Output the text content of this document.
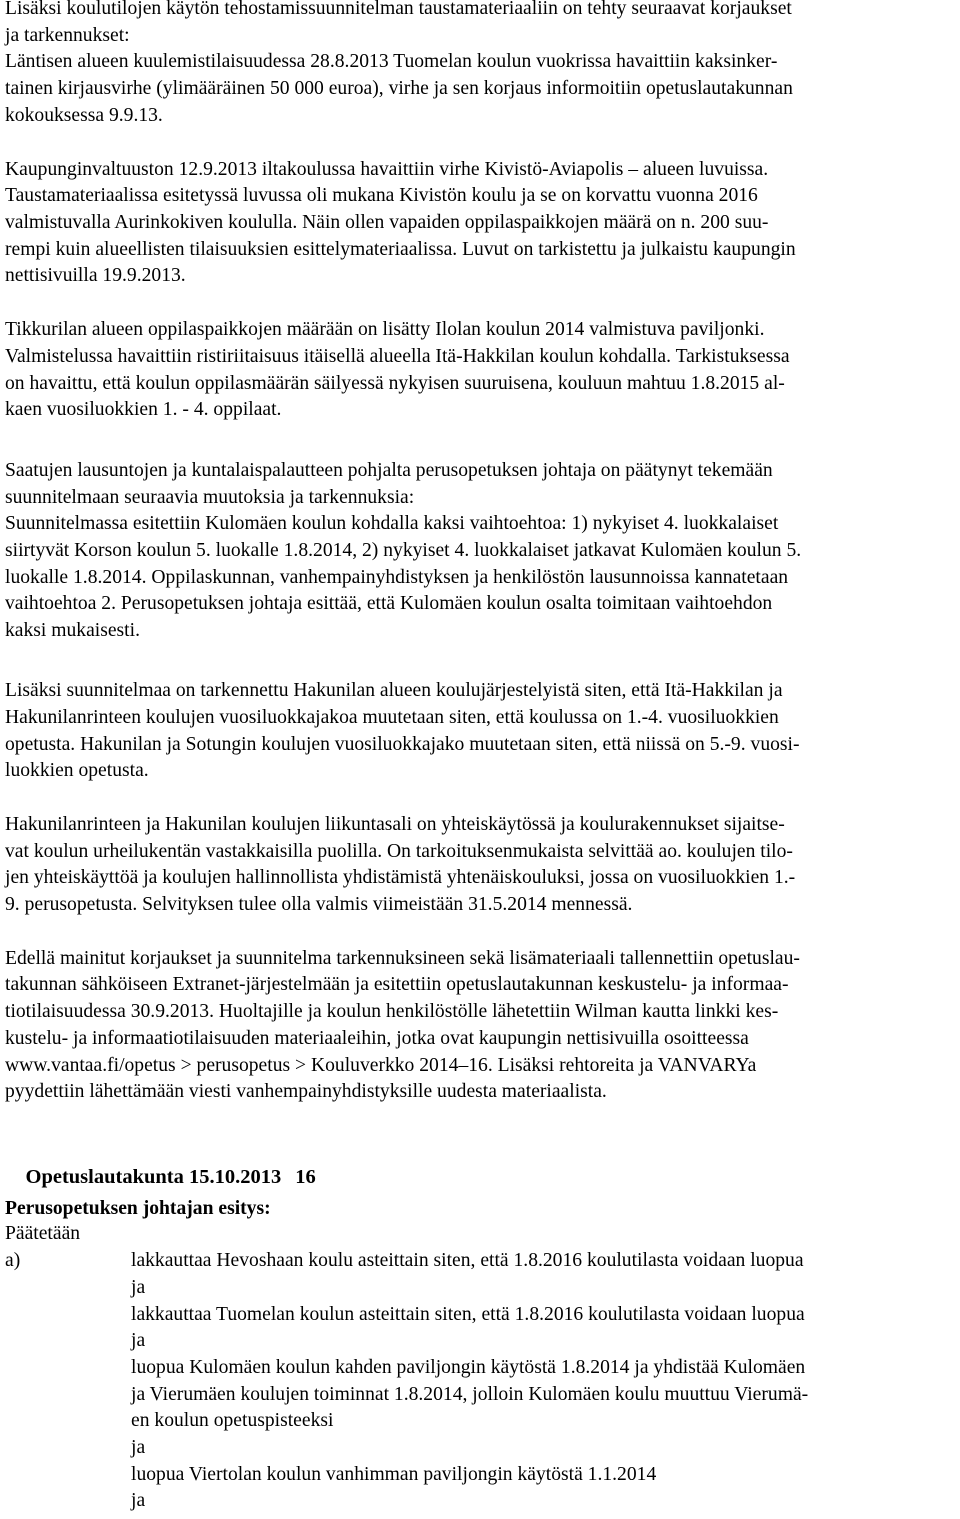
Lisäksi koulutilojen käytön tehostamissuunnitelman taustamateriaaliin on tehty seuraavat korjaukset
ja tarkennukset:
Läntisen alueen kuulemistilaisuudessa 28.8.2013 Tuomelan koulun vuokrissa havaittiin kaksinker-
tainen kirjausvirhe (ylimääräinen 50 000 euroa), virhe ja sen korjaus informoitiin opetuslautakunnan
kokouksessa 9.9.13.
Kaupunginvaltuuston 12.9.2013 iltakoulussa havaittiin virhe Kivistö-Aviapolis – alueen luvuissa.
Taustamateriaalissa esitetyssä luvussa oli mukana Kivistön koulu ja se on korvattu vuonna 2016
valmistuvalla Aurinkokiven koululla. Näin ollen vapaiden oppilaspaikkojen määrä on n. 200 suu-
rempi kuin alueellisten tilaisuuksien esittelymateriaalissa. Luvut on tarkistettu ja julkaistu kaupungin
nettisivuilla 19.9.2013.
Tikkurilan alueen oppilaspaikkojen määrään on lisätty Ilolan koulun 2014 valmistuva paviljonki.
Valmistelussa havaittiin ristiriitaisuus itäisellä alueella Itä-Hakkilan koulun kohdalla. Tarkistuksessa
on havaittu, että koulun oppilasmäärän säilyessä nykyisen suuruisena, kouluun mahtuu 1.8.2015 al-
kaen vuosiluokkien 1. - 4. oppilaat.
Saatujen lausuntojen ja kuntalaispalautteen pohjalta perusopetuksen johtaja on päätynyt tekemään
suunnitelmaan seuraavia muutoksia ja tarkennuksia:
Suunnitelmassa esitettiin Kulomäen koulun kohdalla kaksi vaihtoehtoa: 1) nykyiset 4. luokkalaiset
siirtyvät Korson koulun 5. luokalle 1.8.2014, 2) nykyiset 4. luokkalaiset jatkavat Kulomäen koulun 5.
luokalle 1.8.2014. Oppilaskunnan, vanhempainyhdistyksen ja henkilöstön lausunnoissa kannatetaan
vaihtoehtoa 2. Perusopetuksen johtaja esittää, että Kulomäen koulun osalta toimitaan vaihtoehdon
kaksi mukaisesti.
Lisäksi suunnitelmaa on tarkennettu Hakunilan alueen koulujärjestelyistä siten, että Itä-Hakkilan ja
Hakunilanrinteen koulujen vuosiluokkajakoa muutetaan siten, että koulussa on 1.-4. vuosiluokkien
opetusta. Hakunilan ja Sotungin koulujen vuosiluokkajako muutetaan siten, että niissä on 5.-9. vuosi-
luokkien opetusta.
Hakunilanrinteen ja Hakunilan koulujen liikuntasali on yhteiskäytössä ja koulurakennukset sijaitse-
vat koulun urheilukentän vastakkaisilla puolilla. On tarkoituksenmukaista selvittää ao. koulujen tilo-
jen yhteiskäyttöä ja koulujen hallinnollista yhdistämistä yhtenäiskouluksi, jossa on vuosiluokkien 1.-
9. perusopetusta. Selvityksen tulee olla valmis viimeistään 31.5.2014 mennessä.
Edellä mainitut korjaukset ja suunnitelma tarkennuksineen sekä lisämateriaali tallennettiin opetuslau-
takunnan sähköiseen Extranet-järjestelmään ja esitettiin opetuslautakunnan keskustelu- ja informaa-
tiotilaisuudessa 30.9.2013. Huoltajille ja koulun henkilöstölle lähetettiin Wilman kautta linkki kes-
kustelu- ja informaatiotilaisuuden materiaaleihin, jotka ovat kaupungin nettisivuilla osoitteessa
www.vantaa.fi/opetus > perusopetus > Kouluverkko 2014–16. Lisäksi rehtoreita ja VANVARYa
pyydettiin lähettämään viesti vanhempainyhdistyksille uudesta materiaalista.

Opetuslautakunta 15.10.2013 16

Perusopetuksen johtajan esitys:
Päätetään
a)	lakkauttaa Hevoshaan koulu asteittain siten, että 1.8.2016 koulutilasta voidaan luopua
ja
lakkauttaa Tuomelan koulun asteittain siten, että 1.8.2016 koulutilasta voidaan luopua
ja
luopua Kulomäen koulun kahden paviljongin käytöstä 1.8.2014 ja yhdistää Kulomäen
ja Vierumäen koulujen toiminnat 1.8.2014, jolloin Kulomäen koulu muuttuu Vierumä-
en koulun opetuspisteeksi
ja
luopua Viertolan koulun vanhimman paviljongin käytöstä 1.1.2014
ja
